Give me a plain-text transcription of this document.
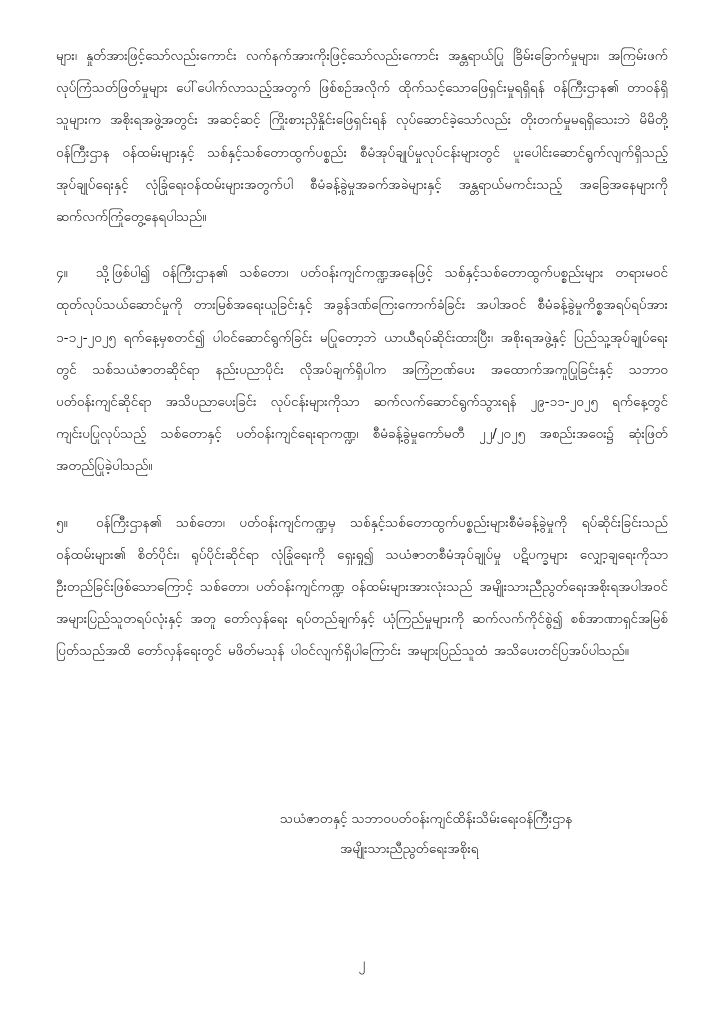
များ၊ နှုတ်အားဖြင့်သော်လည်းကောင်း လက်နက်အားကိုးဖြင့်သော်လည်းကောင်း အန္တရာယ်ပြု ခြိမ်းခြောက်မှုများ၊ အကြမ်းဖက် လုပ်ကြံသတ်ဖြတ်မှုများ ပေါ်ပေါက်လာသည့်အတွက် ဖြစ်စဉ်အလိုက် ထိုက်သင့်သောဖြေရှင်းမှုရရှိရန် ဝန်ကြီးဌာန၏ တာဝန်ရှိသူများက အစိုးရအဖွဲ့အတွင်း အဆင့်ဆင့် ကြိုးစားညှိနှိုင်းဖြေရှင်းရန် လုပ်ဆောင်ခဲ့သော်လည်း တိုးတက်မှုမရရှိသေးဘဲ မိမိတို့ ဝန်ကြီးဌာန ဝန်ထမ်းများနှင့် သစ်နှင့်သစ်တောထွက်ပစ္စည်း စီမံအုပ်ချုပ်မှုလုပ်ငန်းများတွင် ပူးပေါင်းဆောင်ရွက်လျက်ရှိသည့် အုပ်ချုပ်ရေးနှင့် လုံခြုံရေးဝန်ထမ်းများအတွက်ပါ စီမံခန့်ခွဲမှုအခက်အခဲများနှင့် အန္တရာယ်မကင်းသည့် အခြေအနေများကို ဆက်လက်ကြုံတွေ့နေရပါသည်။

၄။ သို့ဖြစ်ပါ၍ ဝန်ကြီးဌာန၏ သစ်တော၊ ပတ်ဝန်းကျင်ကဏ္ဍအနေဖြင့် သစ်နှင့်သစ်တောထွက်ပစ္စည်းများ တရားမဝင်ထုတ်လုပ်သယ်ဆောင်မှုကို တားမြစ်အရေးယူခြင်းနှင့် အခွန်ဒဏ်ကြေးကောက်ခံခြင်း အပါအဝင် စီမံခန့်ခွဲမှုကိစ္စအရပ်ရပ်အား ၁-၁၂-၂၀၂၅ ရက်နေ့မှစတင်၍ ပါဝင်ဆောင်ရွက်ခြင်း မပြုတော့ဘဲ ယာယီရပ်ဆိုင်းထားပြီး၊ အစိုးရအဖွဲ့နှင့် ပြည်သူ့အုပ်ချုပ်ရေးတွင် သစ်သယံဇာတဆိုင်ရာ နည်းပညာပိုင်း လိုအပ်ချက်ရှိပါက အကြံဉာဏ်ပေး အထောက်အကူပြုခြင်းနှင့် သဘာဝပတ်ဝန်းကျင်ဆိုင်ရာ အသိပညာပေးခြင်း လုပ်ငန်းများကိုသာ ဆက်လက်ဆောင်ရွက်သွားရန် ၂၉-၁၁-၂၀၂၅ ရက်နေ့တွင် ကျင်းပပြုလုပ်သည့် သစ်တောနှင့် ပတ်ဝန်းကျင်ရေးရာကဏ္ဍ၊ စီမံခန့်ခွဲမှုကော်မတီ ၂၂/၂၀၂၅ အစည်းအဝေး၌ ဆုံးဖြတ်အတည်ပြုခဲ့ပါသည်။

၅။ ဝန်ကြီးဌာန၏ သစ်တော၊ ပတ်ဝန်းကျင်ကဏ္ဍမှ သစ်နှင့်သစ်တောထွက်ပစ္စည်းများစီမံခန့်ခွဲမှုကို ရပ်ဆိုင်းခြင်းသည် ဝန်ထမ်းများ၏ စိတ်ပိုင်း၊ ရုပ်ပိုင်းဆိုင်ရာ လုံခြုံရေးကို ရှေးရှု၍ သယံဇာတစီမံအုပ်ချုပ်မှု ပဋိပက္ခများ လျှော့ချရေးကိုသာ ဦးတည်ခြင်းဖြစ်သောကြောင့် သစ်တော၊ ပတ်ဝန်းကျင်ကဏ္ဍ ဝန်ထမ်းများအားလုံးသည် အမျိုးသားညီညွတ်ရေးအစိုးရအပါအဝင် အများပြည်သူတရပ်လုံးနှင့် အတူ တော်လှန်ရေး ရပ်တည်ချက်နှင့် ယုံကြည်မှုများကို ဆက်လက်ကိုင်စွဲ၍ စစ်အာဏာရှင်အမြစ်ပြတ်သည်အထိ တော်လှန်ရေးတွင် မဖိတ်မသုန် ပါဝင်လျက်ရှိပါကြောင်း အများပြည်သူထံ အသိပေးတင်ပြအပ်ပါသည်။

သယံဇာတနှင့် သဘာဝပတ်ဝန်းကျင်ထိန်းသိမ်းရေးဝန်ကြီးဌာန
အမျိုးသားညီညွတ်ရေးအစိုးရ
၂
